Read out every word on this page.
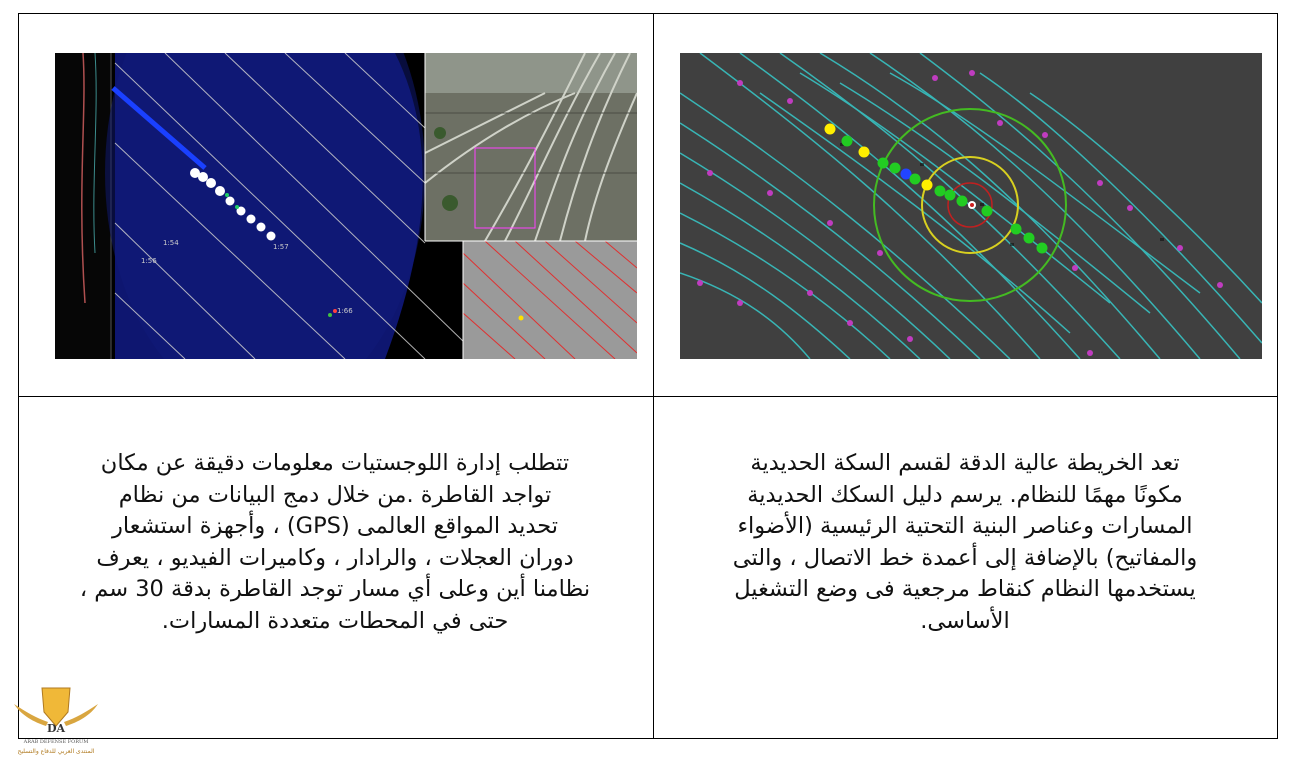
1:57
1:54
1:56
1:66
تتطلب إدارة اللوجستيات معلومات دقيقة عن مكان
تواجد القاطرة .من خلال دمج البيانات من نظام
تحديد المواقع العالمى (GPS) ، وأجهزة استشعار
دوران العجلات ، والرادار ، وكاميرات الفيديو ، يعرف
نظامنا أين وعلى أي مسار توجد القاطرة بدقة 30 سم ،
حتى في المحطات متعددة المسارات.
تعد الخريطة عالية الدقة لقسم السكة الحديدية
مكونًا مهمًا للنظام. يرسم دليل السكك الحديدية
المسارات وعناصر البنية التحتية الرئيسية (الأضواء
والمفاتيح) بالإضافة إلى أعمدة خط الاتصال ، والتى
يستخدمها النظام كنقاط مرجعية فى وضع التشغيل
الأساسى.
DA
ARAB DEFENSE FORUM
المنتدى العربي للدفاع والتسليح
